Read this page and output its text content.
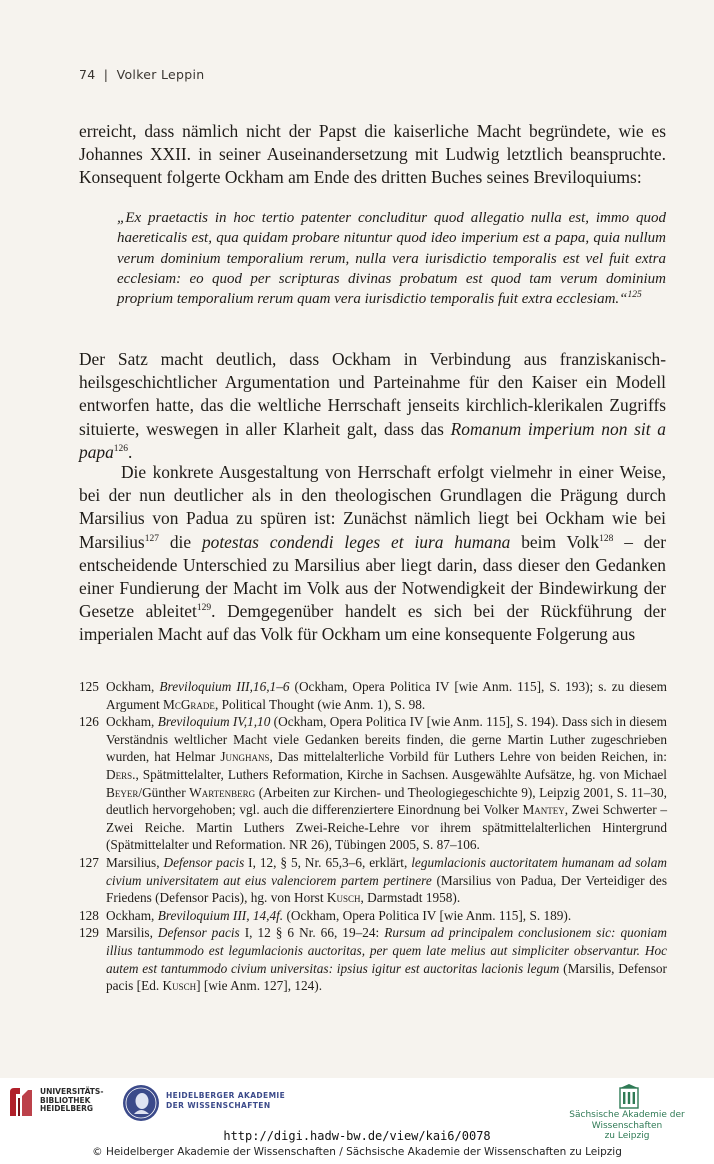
74 | Volker Leppin

erreicht, dass nämlich nicht der Papst die kaiserliche Macht begründete, wie es Johannes XXII. in seiner Auseinandersetzung mit Ludwig letztlich beanspruchte. Konsequent folgerte Ockham am Ende des dritten Buches seines Breviloquiums:

„Ex praetactis in hoc tertio patenter concluditur quod allegatio nulla est, immo quod haereticalis est, qua quidam probare nituntur quod ideo imperium est a papa, quia nullum verum dominium temporalium rerum, nulla vera iurisdictio temporalis est vel fuit extra ecclesiam: eo quod per scripturas divinas probatum est quod tam verum dominium proprium temporalium rerum quam vera iurisdictio temporalis fuit extra ecclesiam.“$^{125}$

Der Satz macht deutlich, dass Ockham in Verbindung aus franziskanisch-heilsgeschichtlicher Argumentation und Parteinahme für den Kaiser ein Modell entworfen hatte, das die weltliche Herrschaft jenseits kirchlich-klerikalen Zugriffs situierte, weswegen in aller Klarheit galt, dass das Romanum imperium non sit a papa$^{126}$.

Die konkrete Ausgestaltung von Herrschaft erfolgt vielmehr in einer Weise, bei der nun deutlicher als in den theologischen Grundlagen die Prägung durch Marsilius von Padua zu spüren ist: Zunächst nämlich liegt bei Ockham wie bei Marsilius$^{127}$ die potestas condendi leges et iura humana beim Volk$^{128}$ – der entscheidende Unterschied zu Marsilius aber liegt darin, dass dieser den Gedanken einer Fundierung der Macht im Volk aus der Notwendigkeit der Bindewirkung der Gesetze ableitet$^{129}$. Demgegenüber handelt es sich bei der Rückführung der imperialen Macht auf das Volk für Ockham um eine konsequente Folgerung aus

125 Ockham, Breviloquium III,16,1–6 (Ockham, Opera Politica IV [wie Anm. 115], S. 193); s. zu diesem Argument McGrade, Political Thought (wie Anm. 1), S. 98.
126 Ockham, Breviloquium IV,1,10 (Ockham, Opera Politica IV [wie Anm. 115], S. 194). Dass sich in diesem Verständnis weltlicher Macht viele Gedanken bereits finden, die gerne Martin Luther zugeschrieben wurden, hat Helmar Junghans, Das mittelalterliche Vorbild für Luthers Lehre von beiden Reichen, in: Ders., Spätmittelalter, Luthers Reformation, Kirche in Sachsen. Ausgewählte Aufsätze, hg. von Michael Beyer/Günther Wartenberg (Arbeiten zur Kirchen- und Theologiegeschichte 9), Leipzig 2001, S. 11–30, deutlich hervorgehoben; vgl. auch die differenziertere Einordnung bei Volker Mantey, Zwei Schwerter – Zwei Reiche. Martin Luthers Zwei-Reiche-Lehre vor ihrem spätmittelalterlichen Hintergrund (Spätmittelalter und Reformation. NR 26), Tübingen 2005, S. 87–106.
127 Marsilius, Defensor pacis I, 12, § 5, Nr. 65,3–6, erklärt, legumlacionis auctoritatem humanam ad solam civium universitatem aut eius valenciorem partem pertinere (Marsilius von Padua, Der Verteidiger des Friedens (Defensor Pacis), hg. von Horst Kusch, Darmstadt 1958).
128 Ockham, Breviloquium III, 14,4f. (Ockham, Opera Politica IV [wie Anm. 115], S. 189).
129 Marsilis, Defensor pacis I, 12 § 6 Nr. 66, 19–24: Rursum ad principalem conclusionem sic: quoniam illius tantummodo est legumlacionis auctoritas, per quem late melius aut simpliciter observantur. Hoc autem est tantummodo civium universitas: ipsius igitur est auctoritas lacionis legum (Marsilis, Defensor pacis [Ed. Kusch] [wie Anm. 127], 124).
UNIVERSITÄTS-
BIBLIOTHEK
HEIDELBERG
HEIDELBERGER AKADEMIE
DER WISSENSCHAFTEN
Sächsische Akademie der Wissenschaften
zu Leipzig
http://digi.hadw-bw.de/view/kai6/0078
© Heidelberger Akademie der Wissenschaften / Sächsische Akademie der Wissenschaften zu Leipzig
